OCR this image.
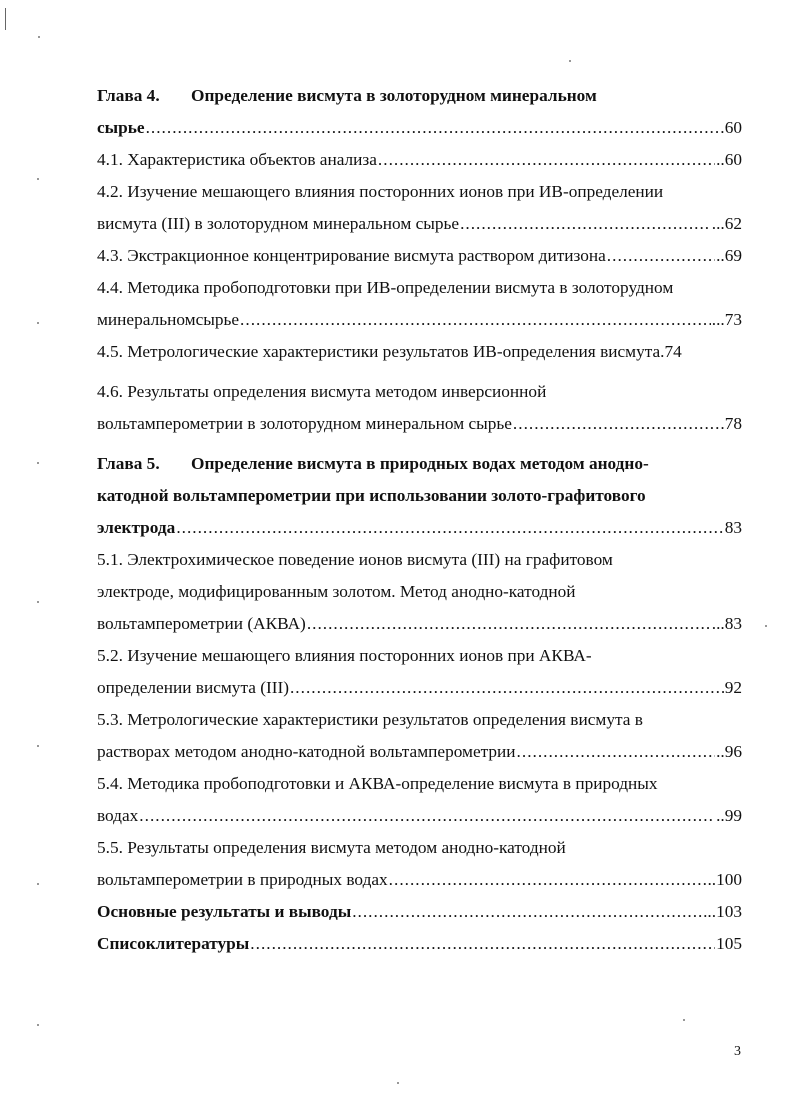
Глава 4. Определение висмута в золоторудном минеральном
сырье .....	60
4.1. Характеристика объектов анализа .....	..60
4.2. Изучение мешающего влияния посторонних ионов при ИВ-определении
висмута (III) в золоторудном минеральном сырье .....	...62
4.3. Экстракционное концентрирование висмута раствором дитизона .....	..69
4.4. Методика пробоподготовки при ИВ-определении висмута в золоторудном
минеральномсырье .....	...73
4.5. Метрологические характеристики результатов ИВ-определения висмута .74
4.6. Результаты определения висмута методом инверсионной
вольтамперометрии в золоторудном минеральном сырье .....	78
Глава 5. Определение висмута в природных водах методом анодно-
катодной вольтамперометрии при использовании золото-графитового
электрода .....	83
5.1. Электрохимическое поведение ионов висмута (III) на графитовом
электроде, модифицированным золотом. Метод анодно-катодной
вольтамперометрии (АКВА) .....	...83
5.2. Изучение мешающего влияния посторонних ионов при АКВА-
определении висмута (III) .....	92
5.3. Метрологические характеристики результатов определения висмута в
растворах методом анодно-катодной вольтамперометрии .....	..96
5.4. Методика пробоподготовки и АКВА-определение висмута в природных
водах .....	..99
5.5. Результаты определения висмута методом анодно-катодной
вольтамперометрии в природных водах .....	..100
Основные результаты и выводы .....	...103
Списоклитературы .....	105
3
